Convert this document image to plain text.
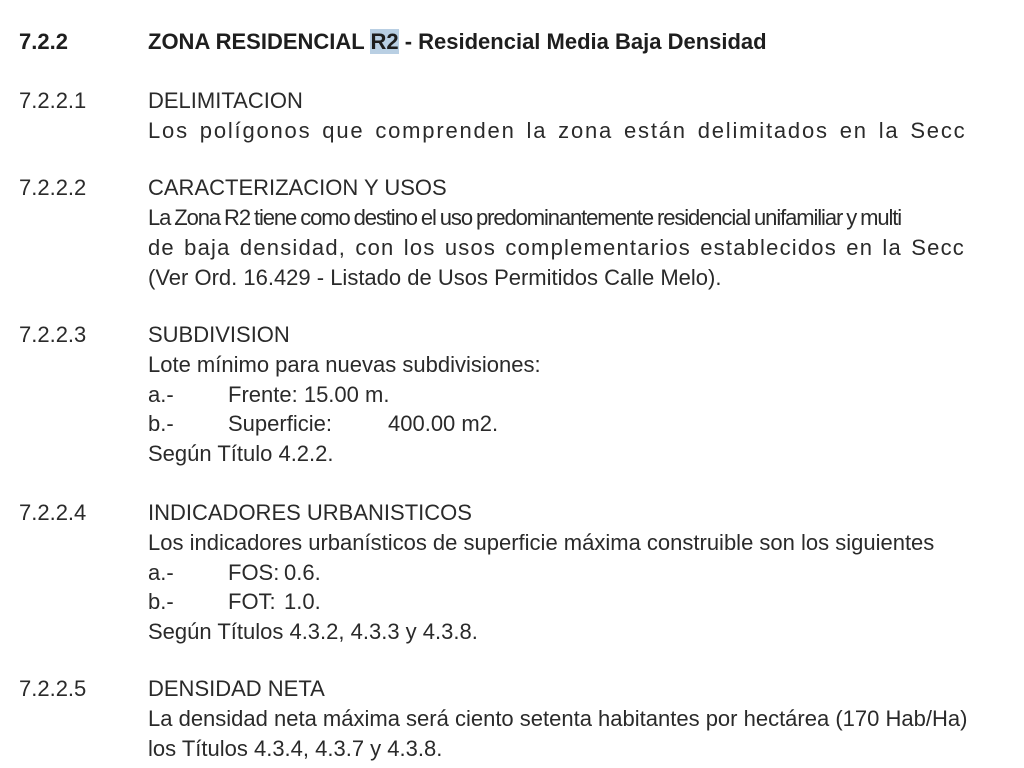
7.2.2	ZONA RESIDENCIAL R2 - Residencial Media Baja Densidad
7.2.2.1	DELIMITACION
Los polígonos que comprenden la zona están delimitados en la Secc
7.2.2.2	CARACTERIZACION Y USOS
La Zona R2 tiene como destino el uso predominantemente residencial unifamiliar y multi
de baja densidad, con los usos complementarios establecidos en la Secc
(Ver Ord. 16.429 - Listado de Usos Permitidos Calle Melo).
7.2.2.3	SUBDIVISION
Lote mínimo para nuevas subdivisiones:
a.- Frente: 15.00 m.
b.- Superficie:	400.00 m2.
Según Título 4.2.2.
7.2.2.4	INDICADORES URBANISTICOS
Los indicadores urbanísticos de superficie máxima construible son los siguientes
a.- FOS: 0.6.
b.- FOT: 1.0.
Según Títulos 4.3.2, 4.3.3 y 4.3.8.
7.2.2.5	DENSIDAD NETA
La densidad neta máxima será ciento setenta habitantes por hectárea (170 Hab/Ha)
los Títulos 4.3.4, 4.3.7 y 4.3.8.
